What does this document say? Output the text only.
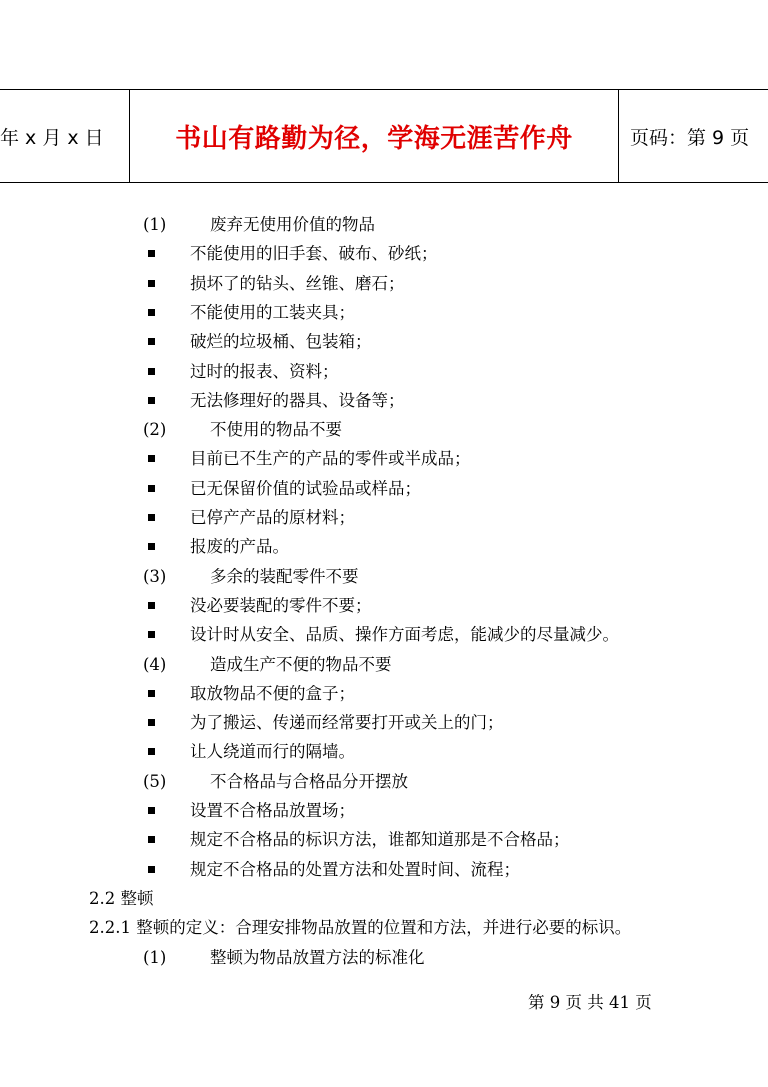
年 x 月 x 日	书山有路勤为径，学海无涯苦作舟	页码：第 9 页
(1)	废弃无使用价值的物品
不能使用的旧手套、破布、砂纸；
损坏了的钻头、丝锥、磨石；
不能使用的工装夹具；
破烂的垃圾桶、包装箱；
过时的报表、资料；
无法修理好的器具、设备等；
(2)	不使用的物品不要
目前已不生产的产品的零件或半成品；
已无保留价值的试验品或样品；
已停产产品的原材料；
报废的产品。
(3)	多余的装配零件不要
没必要装配的零件不要；
设计时从安全、品质、操作方面考虑，能减少的尽量减少。
(4)	造成生产不便的物品不要
取放物品不便的盒子；
为了搬运、传递而经常要打开或关上的门；
让人绕道而行的隔墙。
(5)	不合格品与合格品分开摆放
设置不合格品放置场；
规定不合格品的标识方法，谁都知道那是不合格品；
规定不合格品的处置方法和处置时间、流程；
2.2 整顿
2.2.1 整顿的定义：合理安排物品放置的位置和方法，并进行必要的标识。
(1)	整顿为物品放置方法的标准化
第 9 页 共 41 页
